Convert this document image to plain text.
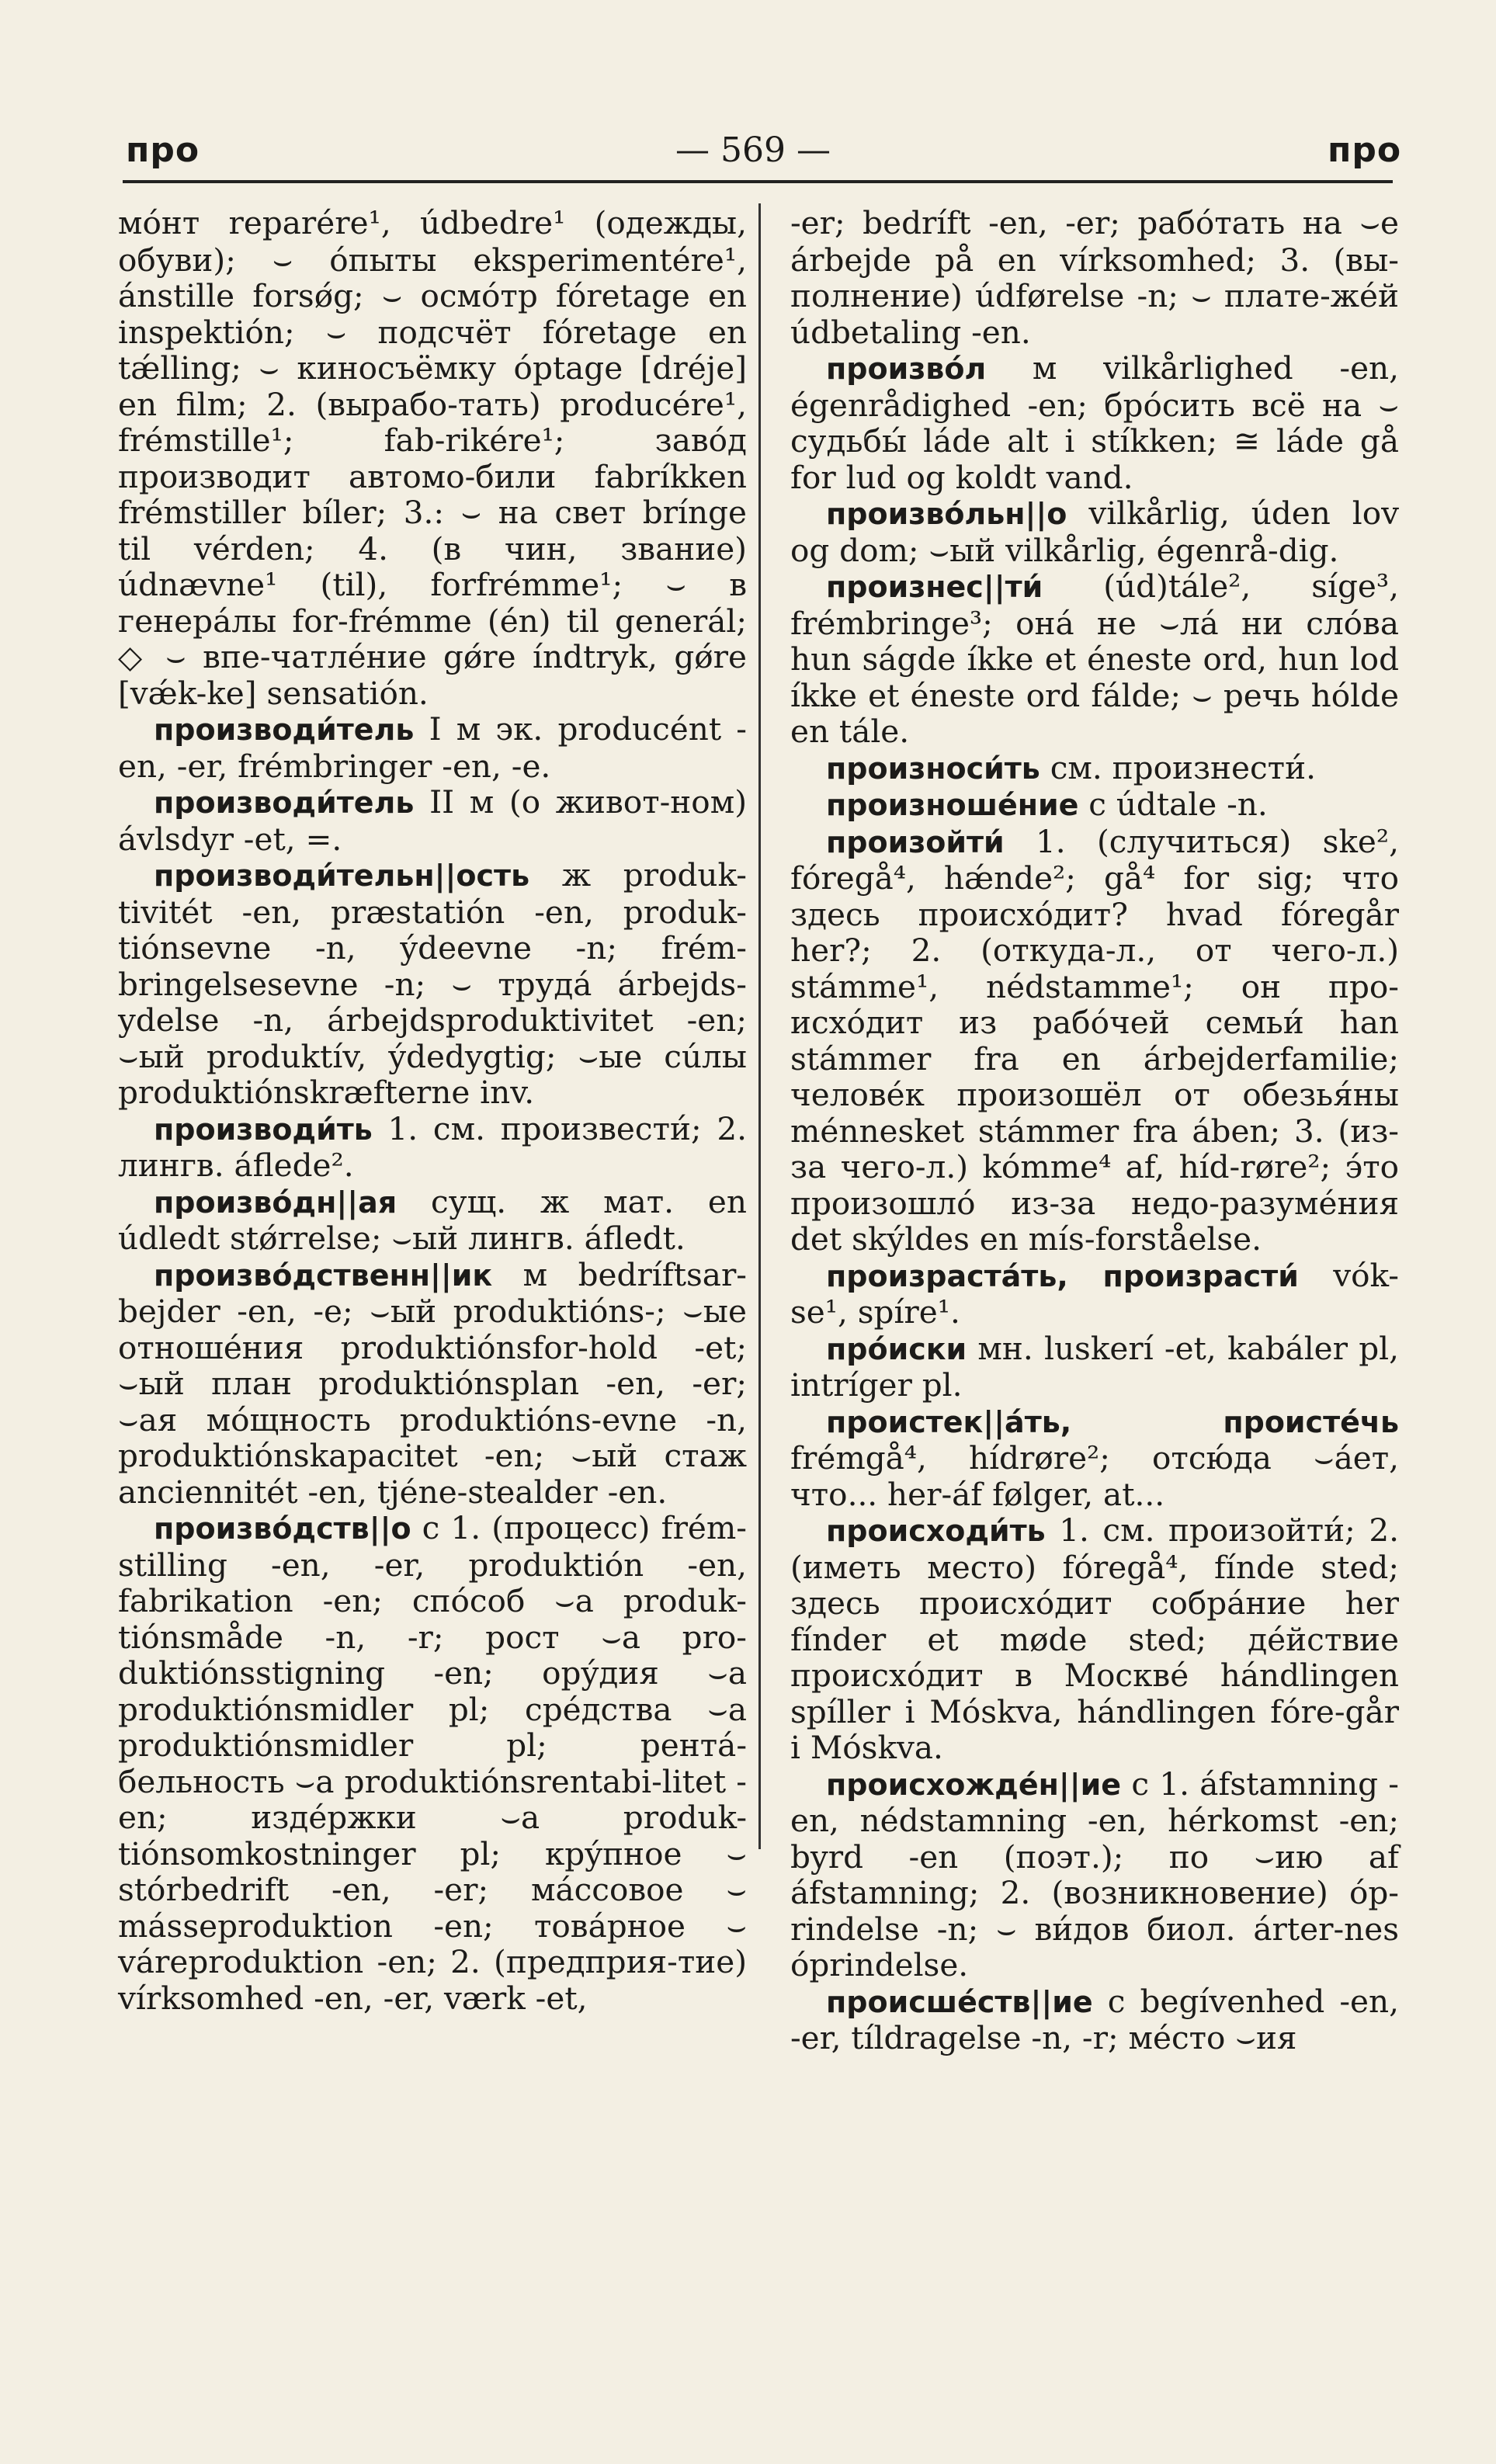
про	— 569 —	про

мóнт reparére¹, údbedre¹ (одежды, обуви); ⌣ óпыты eksperimentére¹, ánstille forsǿg; ⌣ осмóтр fóretage en inspektión; ⌣ подсчёт fóretage en tǽlling; ⌣ киносъёмку óptage [dréje] en film; 2. (вырабо-тать) producére¹, frémstille¹; fab-rikére¹; завóд производит автомо-били fabríkken frémstiller bíler; 3.: ⌣ на свет bríngе til vérden; 4. (в чин, звание) údnævne¹ (til), forfrémme¹; ⌣ в генерáлы for-frémme (én) til generál; ◇ ⌣ впе-чатлéние gǿre índtryk, gǿre [vǽk-ke] sensatión.

производи́тель I м эк. producént -en, -er, frémbringer -en, -e.

производи́тель II м (о живот-ном) ávlsdyr -et, =.

производи́тельн||ость ж produk-tivitét -en, præstatión -en, produk-tiónsevne -n, ýdeevne -n; frém-bringelsesevne -n; ⌣ трудá árbejds-ydelse -n, árbejdsproduktivitet -en; ⌣ый produktív, ýdedygtig; ⌣ые сúлы produktiónskræfterne inv.

производи́ть 1. см. произвести́; 2. лингв. áflede².

произвóдн||ая сущ. ж мат. en údledt stǿrrelse; ⌣ый лингв. áfledt.

произвóдственн||ик м bedríftsar-bejder -en, -e; ⌣ый produktións-; ⌣ые отношéния produktiónsfor-hold -et; ⌣ый план produktiónsplan -en, -er; ⌣ая мóщность produktións-evne -n, produktiónskapacitet -en; ⌣ый стаж anciennitét -en, tjéne-stealder -en.

произвóдств||о с 1. (процесс) frém-stilling -en, -er, produktión -en, fabrikation -en; спóсоб ⌣а produk-tiónsmåde -n, -r; рост ⌣а pro-duktiónsstigning -en; орýдия ⌣а produktiónsmidler pl; срéдства ⌣а produktiónsmidler pl; рентá-бельность ⌣а produktiónsrentabi-litet -en; издéржки ⌣а produk-tiónsomkostninger pl; крýпное ⌣ stórbedrift -en, -er; мáссовое ⌣ másseproduktion -en; товáрное ⌣ váreproduktion -en; 2. (предприя-тие) vírksomhed -en, -er, værk -et,

-er; bedríft -en, -er; рабóтать на ⌣е árbejde på en vírksomhed; 3. (вы-полнение) údførelse -n; ⌣ плате-жéй údbetaling -en.

произвóл м vilkårlighed -en, égenrådighed -en; брóсить всё на ⌣ судьбы́ láde alt i stíkken; ≅ láde gå for lud og koldt vand.

произвóльн||о vilkårlig, úden lov og dom; ⌣ый vilkårlig, égenrå-dig.

произнес||ти́ (úd)tále², síge³, frémbringe³; онá не ⌣ла́ ни слóва hun ságde íkke et éneste ord, hun lod íkke et éneste ord fálde; ⌣ речь hólde en tále.

произноси́ть см. произнести́.

произношéние с údtale -n.

произойти́ 1. (случиться) ske², fóregå⁴, hǽnde²; gå⁴ for sig; что здесь происхóдит? hvad fóregår her?; 2. (откуда-л., от чего-л.) stámme¹, nédstamme¹; он про-исхóдит из рабóчей семьи́ han stámmer fra en árbejderfamilie; человéк произошёл от обезья́ны ménnesket stámmer fra áben; 3. (из-за чего-л.) kómme⁴ af, híd-røre²; э́то произошлó из-за недо-разумéния det skýldes en mís-forståelse.

произрастáть, произрасти́ vók-se¹, spíre¹.

прóиски мн. luskerí -et, kabáler pl, intríger pl.

проистек||áть, проистéчь frémgå⁴, hídrøre²; отсю́да ⌣áет, что... her-áf følger, at...

происходи́ть 1. см. произойти́; 2. (иметь место) fóregå⁴, fínde sted; здесь происхóдит собрáние her fínder et møde sted; дéйствие происхóдит в Москвé hándlingen spíller i Móskva, hándlingen fóre-går i Móskva.

происхождéн||ие с 1. áfstamning -en, nédstamning -en, hérkomst -en; byrd -en (поэт.); по ⌣ию af áfstamning; 2. (возникновение) óp-rindelse -n; ⌣ ви́дов биол. árter-nes óprindelse.

происшéств||ие с begívenhed -en, -er, tíldragelse -n, -r; мéсто ⌣ия
